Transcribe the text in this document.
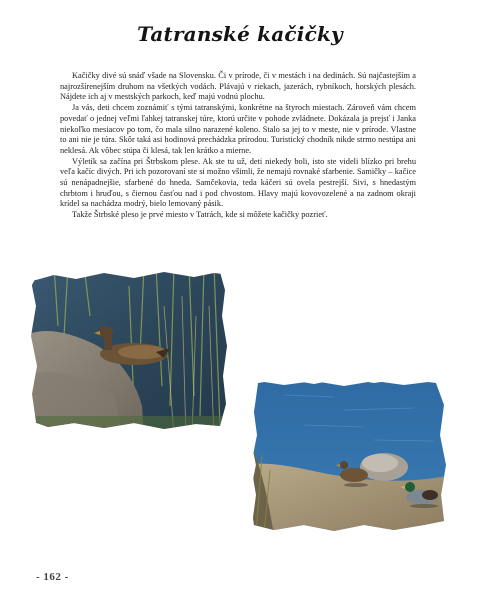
Tatranské kačičky

Kačičky divé sú snáď všade na Slovensku. Či v prírode, či v mestách i na dedinách. Sú najčastejším a najrozšírenejším druhom na všetkých vodách. Plávajú v riekach, jazerách, rybníkoch, horských plesách. Nájdete ich aj v mestských parkoch, keď majú vodnú plochu.

Ja vás, deti chcem zoznámiť s tými tatranskými, konkrétne na štyroch miestach. Zároveň vám chcem povedať o jednej veľmi ľahkej tatranskej túre, ktorú určite v pohode zvládnete. Dokázala ja prejsť i Janka niekoľko mesiacov po tom, čo mala silno narazené koleno. Stalo sa jej to v meste, nie v prírode. Vlastne to ani nie je túra. Skôr taká asi hodinová prechádzka prírodou. Turistický chodník nikde strmo nestúpa ani neklesá. Ak vôbec stúpa či klesá, tak len krátko a mierne.

Výletík sa začína pri Štrbskom plese. Ak ste tu už, deti niekedy boli, isto ste videli blízko pri brehu veľa kačíc divých. Pri ich pozorovaní ste si možno všimli, že nemajú rovnaké sfarbenie. Samičky – kačice sú nenápadnejšie, sfarbené do hneda. Samčekovia, teda káčeri sú ovela pestrejší. Sivi, s hnedastým chrbtom i hruďou, s čiernou časťou nad i pod chvostom. Hlavy majú kovovozelené a na zadnom okraji krídel sa nachádza modrý, bielo lemovaný pásik.

Takže Štrbské pleso je prvé miesto v Tatrách, kde si môžete kačičky pozrieť.

- 162 -
